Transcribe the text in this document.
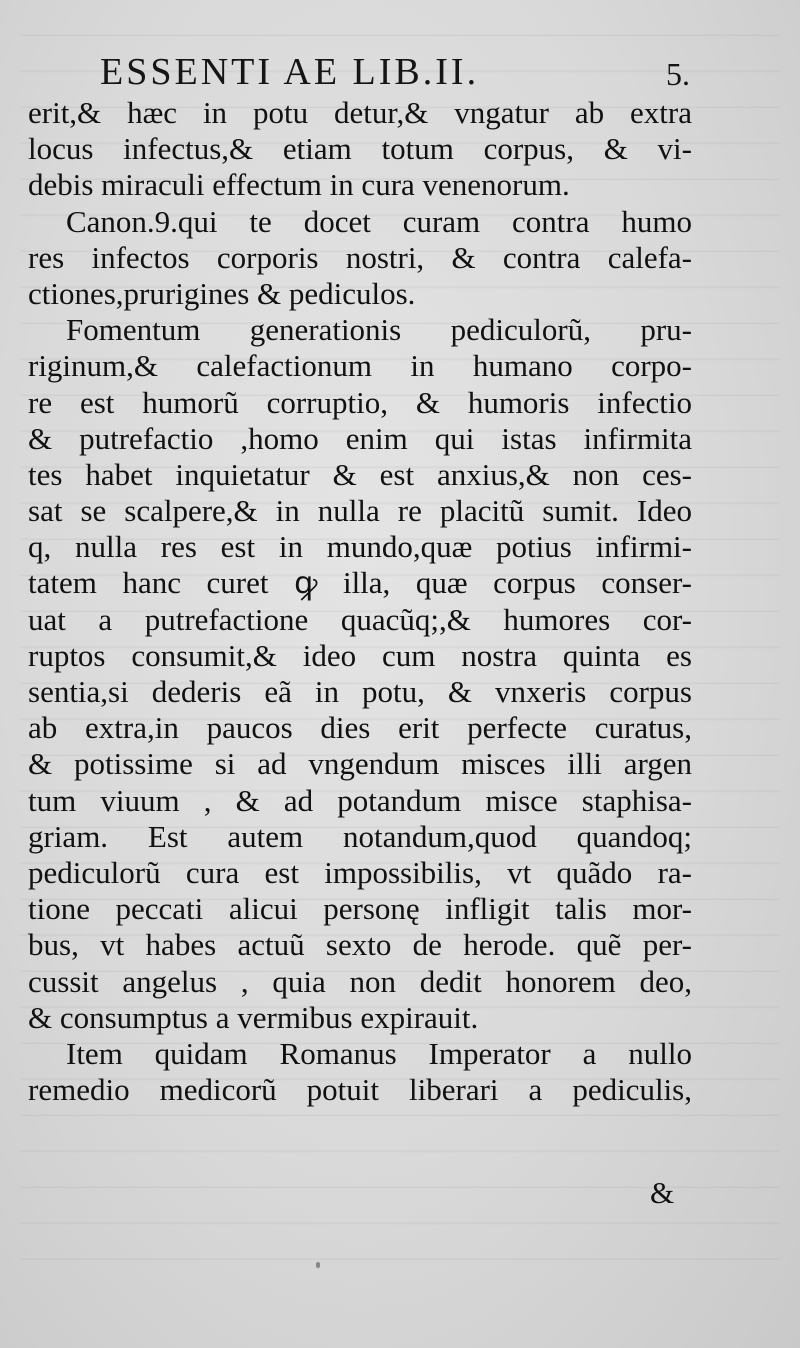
ESSENTI AE LIB.II.	5.
erit,& hæc in potu detur,& vngatur ab extra
locus infectus,& etiam totum corpus, & vi-
debis miraculi effectum in cura venenorum.
Canon.9.qui te docet curam contra humo
res infectos corporis nostri, & contra calefa-
ctiones,prurigines & pediculos.
Fomentum generationis pediculorũ, pru-
riginum,& calefactionum in humano corpo-
re est humorũ corruptio, & humoris infectio
& putrefactio ,homo enim qui istas infirmita
tes habet inquietatur & est anxius,& non ces-
sat se scalpere,& in nulla re placitũ sumit. Ideo
q, nulla res est in mundo,quæ potius infirmi-
tatem hanc curet ꝙ illa, quæ corpus conser-
uat a putrefactione quacũq;,& humores cor-
ruptos consumit,& ideo cum nostra quinta es
sentia,si dederis eã in potu, & vnxeris corpus
ab extra,in paucos dies erit perfecte curatus,
& potissime si ad vngendum misces illi argen
tum viuum , & ad potandum misce staphisa-
griam. Est autem notandum,quod quandoq;
pediculorũ cura est impossibilis, vt quãdo ra-
tione peccati alicui personę infligit talis mor-
bus, vt habes actuũ sexto de herode. quẽ per-
cussit angelus , quia non dedit honorem deo,
& consumptus a vermibus expirauit.
Item quidam Romanus Imperator a nullo
remedio medicorũ potuit liberari a pediculis,
&
